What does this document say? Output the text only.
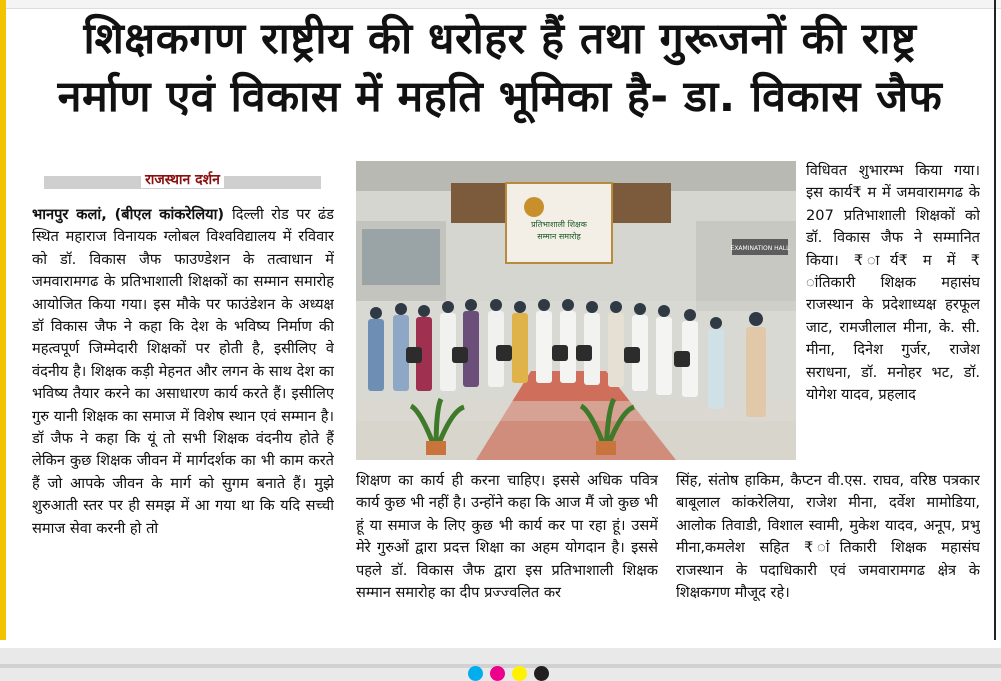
शिक्षकगण राष्ट्रीय की धरोहर हैं तथा गुरूजनों की राष्ट्र
नर्माण एवं विकास में महति भूमिका है- डा. विकास जैफ
राजस्थान दर्शन
भानपुर कलां, (बीएल कांकरेलिया) दिल्ली रोड पर ढंड स्थित महाराज विनायक ग्लोबल विश्वविद्यालय में रविवार को डॉ. विकास जैफ फाउण्डेशन के तत्वाधान में जमवारामगढ के प्रतिभाशाली शिक्षकों का सम्मान समारोह आयोजित किया गया। इस मौके पर फाउंडेशन के अध्यक्ष डॉ विकास जैफ ने कहा कि देश के भविष्य निर्माण की महत्वपूर्ण जिम्मेदारी शिक्षकों पर होती है, इसीलिए वे वंदनीय है। शिक्षक कड़ी मेहनत और लगन के साथ देश का भविष्य तैयार करने का असाधारण कार्य करते हैं। इसीलिए गुरु यानी शिक्षक का समाज में विशेष स्थान एवं सम्मान है। डॉ जैफ ने कहा कि यूं तो सभी शिक्षक वंदनीय होते हैं लेकिन कुछ शिक्षक जीवन में मार्गदर्शक का भी काम करते हैं जो आपके जीवन के मार्ग को सुगम बनाते हैं। मुझे शुरुआती स्तर पर ही समझ में आ गया था कि यदि सच्ची समाज सेवा करनी हो तो
EXAMINATION HALL
प्रतिभाशाली शिक्षक
सम्मान समारोह
विधिवत शुभारम्भ किया गया। इस कार्य₹ म में जमवारामगढ के 207 प्रतिभाशाली शिक्षकों को डॉ. विकास जैफ ने सम्मानित किया। ₹ ार्य₹ म में ₹ ांतिकारी शिक्षक महासंघ राजस्थान के प्रदेशाध्यक्ष हरफूल जाट, रामजीलाल मीना, के. सी. मीना, दिनेश गुर्जर, राजेश सराधना, डॉ. मनोहर भट, डॉ. योगेश यादव, प्रहलाद
शिक्षण का कार्य ही करना चाहिए। इससे अधिक पवित्र कार्य कुछ भी नहीं है। उन्होंने कहा कि आज मैं जो कुछ भी हूं या समाज के लिए कुछ भी कार्य कर पा रहा हूं। उसमें मेरे गुरुओं द्वारा प्रदत्त शिक्षा का अहम योगदान है। इससे पहले डॉ. विकास जैफ द्वारा इस प्रतिभाशाली शिक्षक सम्मान समारोह का दीप प्रज्ज्वलित कर
सिंह, संतोष हाकिम, कैप्टन वी.एस. राघव, वरिष्ठ पत्रकार बाबूलाल कांकरेलिया, राजेश मीना, दर्वेश मामोडिया, आलोक तिवाडी, विशाल स्वामी, मुकेश यादव, अनूप, प्रभु मीना,कमलेश सहित ₹ ांतिकारी शिक्षक महासंघ राजस्थान के पदाधिकारी एवं जमवारामगढ क्षेत्र के शिक्षकगण मौजूद रहे।
